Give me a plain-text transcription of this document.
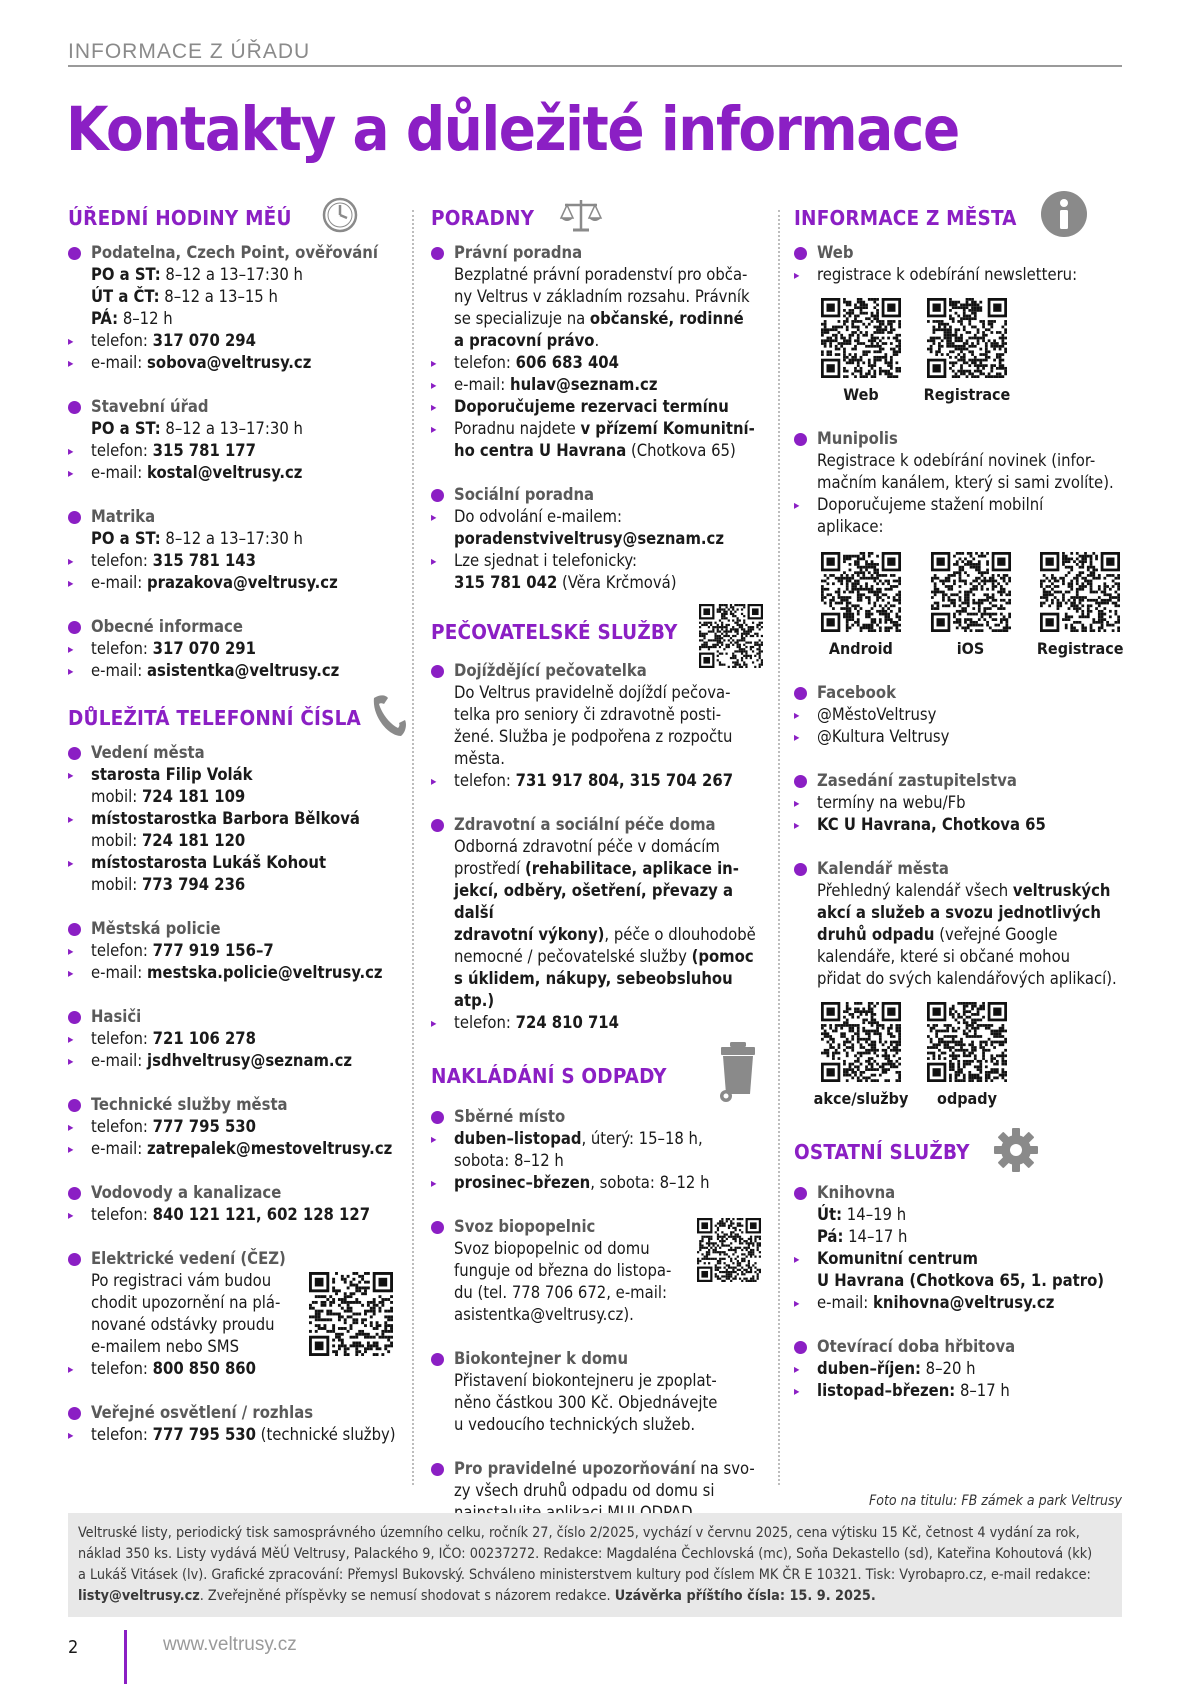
INFORMACE Z ÚŘADU
Kontakty a důležité informace
ÚŘEDNÍ HODINY MĚÚ
Podatelna, Czech Point, ověřování
PO a ST: 8–12 a 13–17:30 h
ÚT a ČT: 8–12 a 13–15 h
PÁ: 8–12 h
▸ telefon: 317 070 294
▸ e-mail: sobova@veltrusy.cz
Stavební úřad
PO a ST: 8–12 a 13–17:30 h
▸ telefon: 315 781 177
▸ e-mail: kostal@veltrusy.cz
Matrika
PO a ST: 8–12 a 13–17:30 h
▸ telefon: 315 781 143
▸ e-mail: prazakova@veltrusy.cz
Obecné informace
▸ telefon: 317 070 291
▸ e-mail: asistentka@veltrusy.cz
DŮLEŽITÁ TELEFONNÍ ČÍSLA
Vedení města
▸ starosta Filip Volák
mobil: 724 181 109
▸ místostarostka Barbora Bělková
mobil: 724 181 120
▸ místostarosta Lukáš Kohout
mobil: 773 794 236
Městská policie
▸ telefon: 777 919 156–7
▸ e-mail: mestska.policie@veltrusy.cz
Hasiči
▸ telefon: 721 106 278
▸ e-mail: jsdhveltrusy@seznam.cz
Technické služby města
▸ telefon: 777 795 530
▸ e-mail: zatrepalek@mestoveltrusy.cz
Vodovody a kanalizace
▸ telefon: 840 121 121, 602 128 127
Elektrické vedení (ČEZ)
Po registraci vám budou
chodit upozornění na plá-
nované odstávky proudu
e-mailem nebo SMS
▸ telefon: 800 850 860
Veřejné osvětlení / rozhlas
▸ telefon: 777 795 530 (technické služby)
PORADNY
Právní poradna
Bezplatné právní poradenství pro obča-
ny Veltrus v základním rozsahu. Právník
se specializuje na občanské, rodinné
a pracovní právo.
▸ telefon: 606 683 404
▸ e-mail: hulav@seznam.cz
▸ Doporučujeme rezervaci termínu
▸ Poradnu najdete v přízemí Komunitní-
ho centra U Havrana (Chotkova 65)
Sociální poradna
▸ Do odvolání e-mailem:
poradenstviveltrusy@seznam.cz
▸ Lze sjednat i telefonicky:
315 781 042 (Věra Krčmová)
PEČOVATELSKÉ SLUŽBY
Dojíždějící pečovatelka
Do Veltrus pravidelně dojíždí pečova-
telka pro seniory či zdravotně posti-
žené. Služba je podpořena z rozpočtu
města.
▸ telefon: 731 917 804, 315 704 267
Zdravotní a sociální péče doma
Odborná zdravotní péče v domácím
prostředí (rehabilitace, aplikace in-
jekcí, odběry, ošetření, převazy a další
zdravotní výkony), péče o dlouhodobě
nemocné / pečovatelské služby (pomoc
s úklidem, nákupy, sebeobsluhou atp.)
▸ telefon: 724 810 714
NAKLÁDÁNÍ S ODPADY
Sběrné místo
▸ duben–listopad, úterý: 15–18 h,
sobota: 8–12 h
▸ prosinec–březen, sobota: 8–12 h
Svoz biopopelnic
Svoz biopopelnic od domu
funguje od března do listopa-
du (tel. 778 706 672, e-mail:
asistentka@veltrusy.cz).
Biokontejner k domu
Přistavení biokontejneru je zpoplat-
něno částkou 300 Kč. Objednávejte
u vedoucího technických služeb.
Pro pravidelné upozorňování na svo-
zy všech druhů odpadu od domu si
INFORMACE Z MĚSTA
Web
▸ registrace k odebírání newsletteru:
Web	Registrace
Munipolis
Registrace k odebírání novinek (infor-
mačním kanálem, který si sami zvolíte).
▸ Doporučujeme stažení mobilní
aplikace:
Android	iOS	Registrace
Facebook
▸ @MěstoVeltrusy
▸ @Kultura Veltrusy
Zasedání zastupitelstva
▸ termíny na webu/Fb
▸ KC U Havrana, Chotkova 65
Kalendář města
Přehledný kalendář všech veltruských
akcí a služeb a svozu jednotlivých
druhů odpadu (veřejné Google
kalendáře, které si občané mohou
přidat do svých kalendářových aplikací).
akce/služby odpady
OSTATNÍ SLUŽBY
Knihovna
Út: 14–19 h
Pá: 14–17 h
▸ Komunitní centrum
U Havrana (Chotkova 65, 1. patro)
▸ e-mail: knihovna@veltrusy.cz
Otevírací doba hřbitova
▸ duben–říjen: 8–20 h
▸ listopad–březen: 8–17 h
Foto na titulu: FB zámek a park Veltrusy
Veltruské listy, periodický tisk samosprávného územního celku, ročník 27, číslo 2/2025, vychází v červnu 2025, cena výtisku 15 Kč, četnost 4 vydání za rok,
náklad 350 ks. Listy vydává MěÚ Veltrusy, Palackého 9, IČO: 00237272. Redakce: Magdaléna Čechlovská (mc), Soňa Dekastello (sd), Kateřina Kohoutová (kk)
a Lukáš Vitásek (lv). Grafické zpracování: Přemysl Bukovský. Schváleno ministerstvem kultury pod číslem MK ČR E 10321. Tisk: Vyrobapro.cz, e-mail redakce:
listy@veltrusy.cz. Zveřejněné příspěvky se nemusí shodovat s názorem redakce. Uzávěrka příštího čísla: 15. 9. 2025.
2	www.veltrusy.cz
